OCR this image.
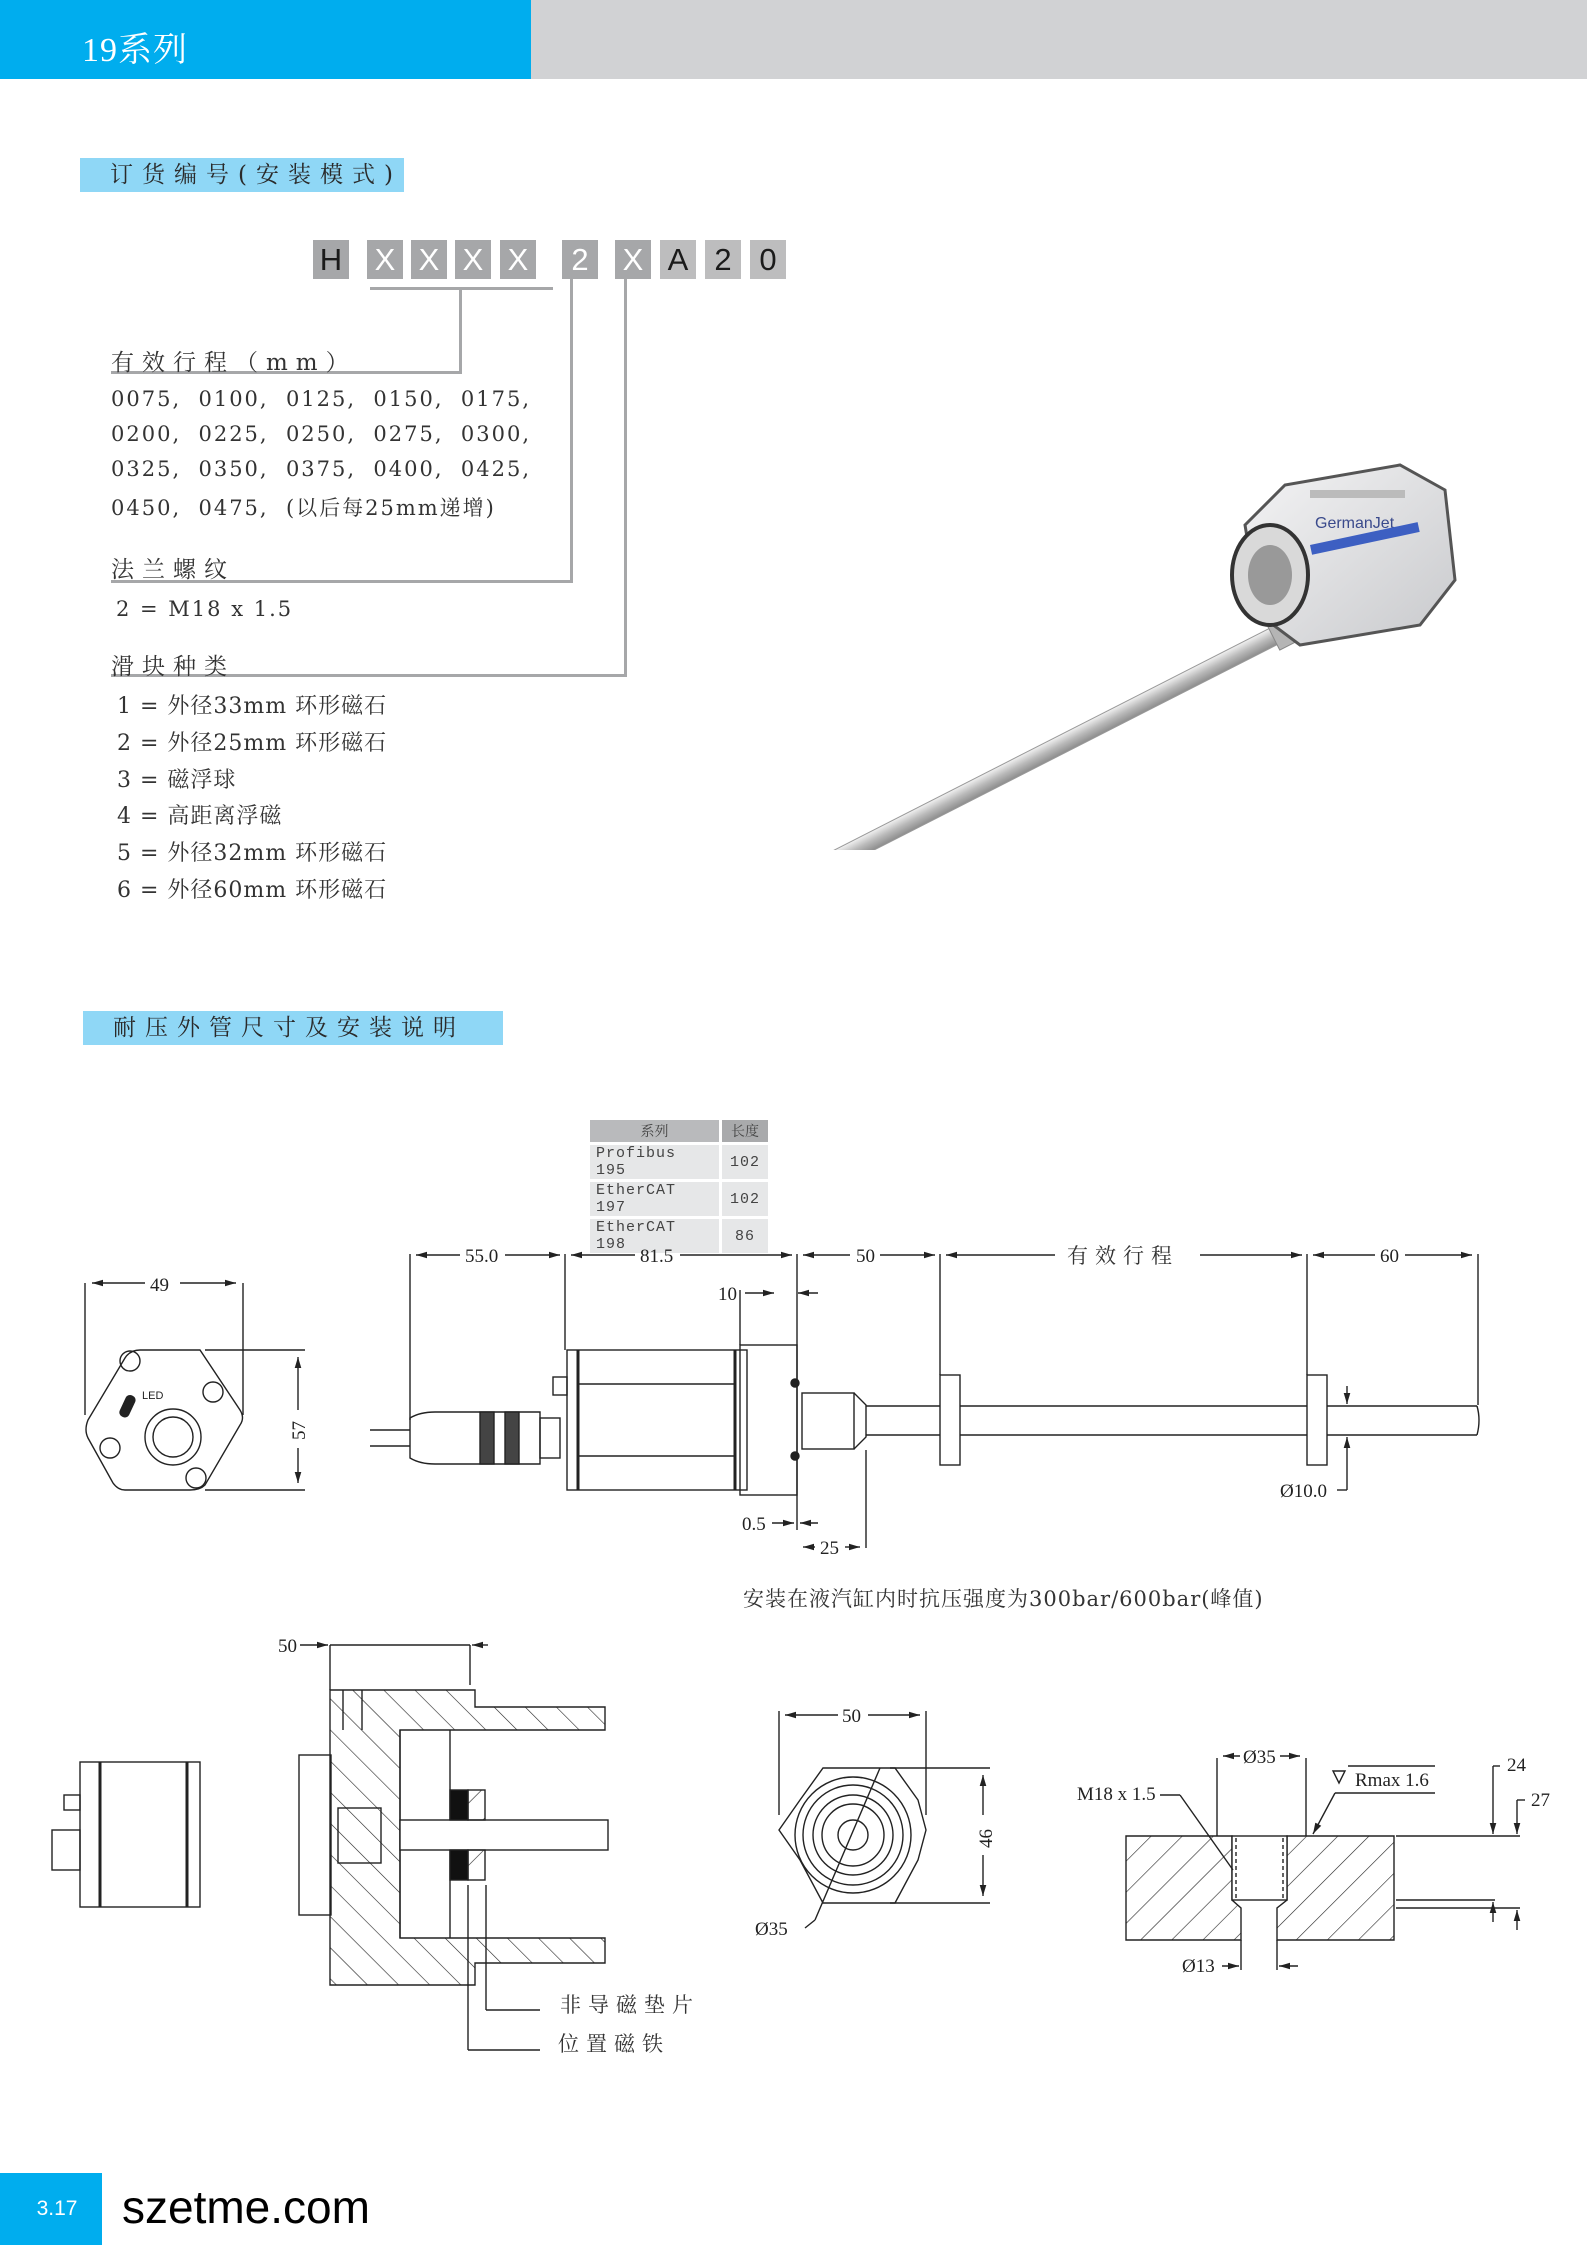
19系列
订货编号(安装模式)
H X X X X	2	X A 2 0
有效行程（mm）
0075,  0100,  0125,  0150,  0175,
0200,  0225,  0250,  0275,  0300,
0325,  0350,  0375,  0400,  0425,
0450,  0475,  (以后每25mm递增)
法兰螺纹
2 = M18 x 1.5
滑块种类
1 = 外径33mm 环形磁石
2 = 外径25mm 环形磁石
3 = 磁浮球
4 = 高距离浮磁
5 = 外径32mm 环形磁石
6 = 外径60mm 环形磁石
GermanJet
耐压外管尺寸及安装说明
系列	长度
Profibus 195	102
EtherCAT 197	102
EtherCAT 198	86
49
LED
57
55.0	81.5	50	有效行程	60
10
Ø10.0
0.5
25
50
非导磁垫片
位置磁铁
50
Ø35
46
Ø35
M18 x 1.5
Rmax 1.6
24
27
Ø13
安装在液汽缸内时抗压强度为300bar/600bar(峰值)
3.17 szetme.com
